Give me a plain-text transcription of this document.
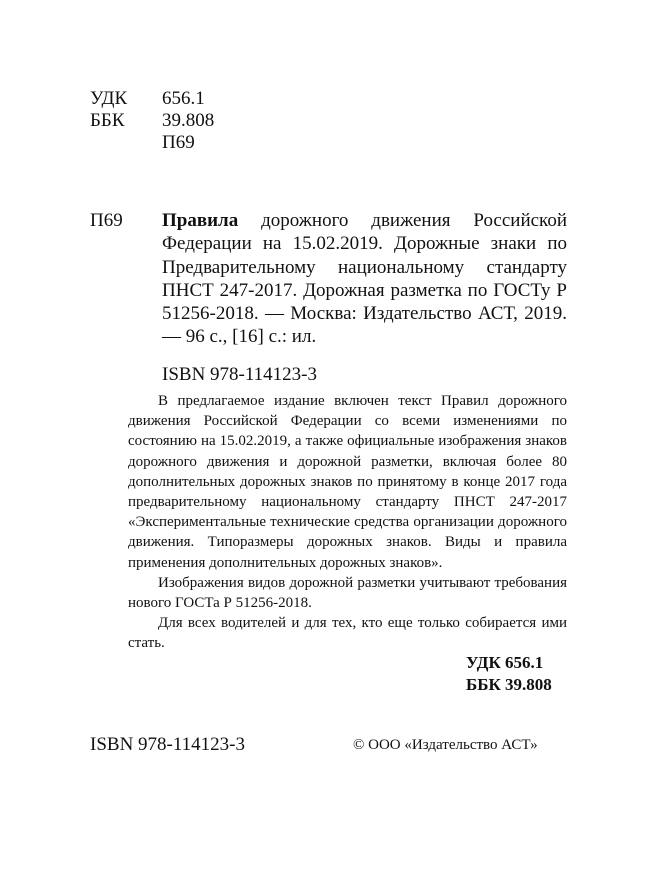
УДК	656.1
ББК	39.808
П69
П69 Правила дорожного движения Российской Федерации на 15.02.2019. Дорожные знаки по Предварительному национальному стандарту ПНСТ 247-2017. Дорожная разметка по ГОСТу Р 51256-2018. — Москва: Издательство АСТ, 2019. — 96 с., [16] с.: ил.
ISBN 978-114123-3

В предлагаемое издание включен текст Правил дорожного движения Российской Федерации со всеми изменениями по состоянию на 15.02.2019, а также официальные изображения знаков дорожного движения и дорожной разметки, включая более 80 дополнительных дорожных знаков по принятому в конце 2017 года предварительному национальному стандарту ПНСТ 247-2017 «Экспериментальные технические средства организации дорожного движения. Типоразмеры дорожных знаков. Виды и правила применения дополнительных дорожных знаков».

Изображения видов дорожной разметки учитывают требования нового ГОСТа Р 51256-2018.

Для всех водителей и для тех, кто еще только собирается ими стать.

УДК 656.1
ББК 39.808
ISBN 978-114123-3	© ООО «Издательство АСТ»
